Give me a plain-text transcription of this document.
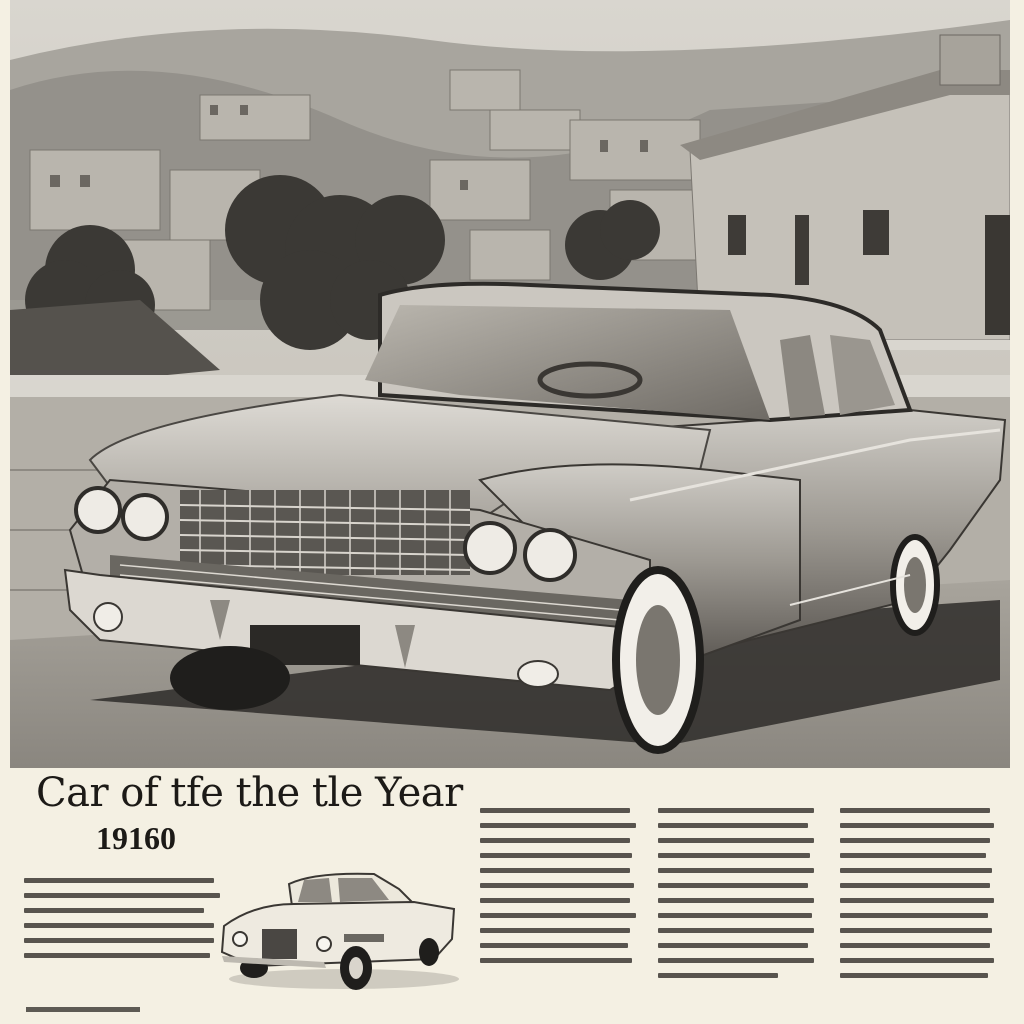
Car of tfe the tle Year
19160
